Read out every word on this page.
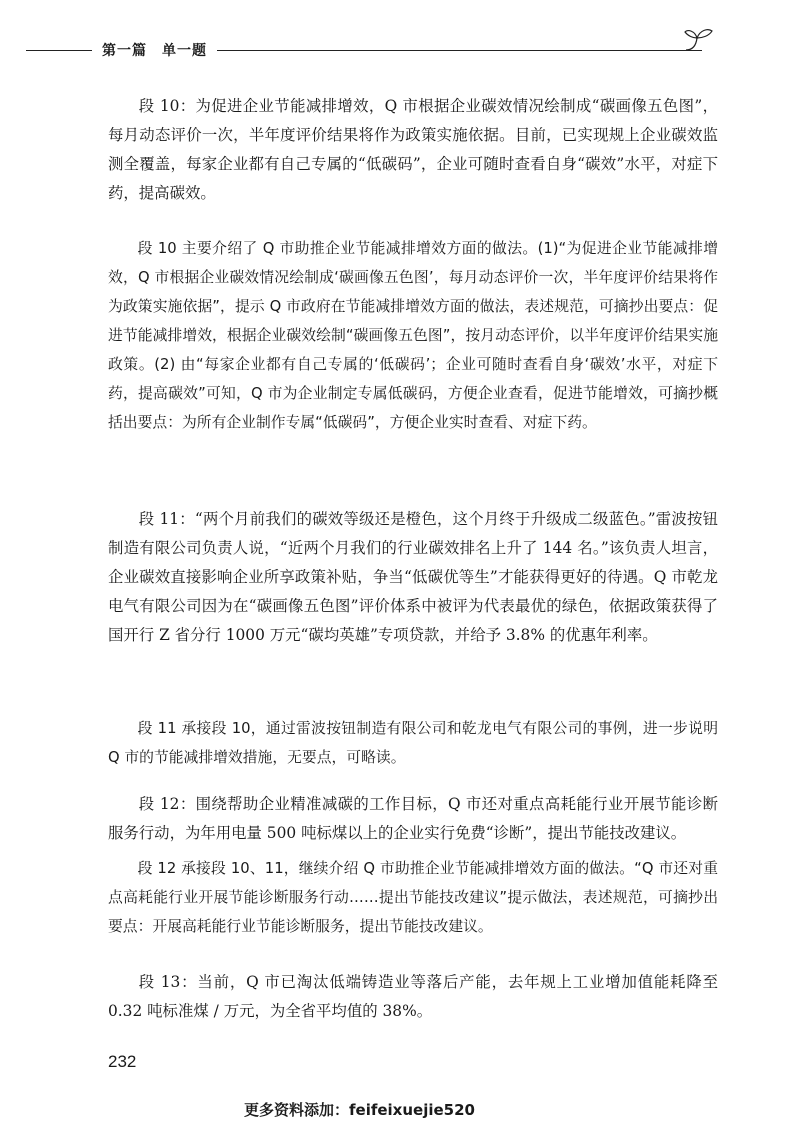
第一篇　单一题

段 10：为促进企业节能减排增效，Q 市根据企业碳效情况绘制成“碳画像五色图”，每月动态评价一次，半年度评价结果将作为政策实施依据。目前，已实现规上企业碳效监测全覆盖，每家企业都有自己专属的“低碳码”，企业可随时查看自身“碳效”水平，对症下药，提高碳效。

段 10 主要介绍了 Q 市助推企业节能减排增效方面的做法。(1)“为促进企业节能减排增效，Q 市根据企业碳效情况绘制成‘碳画像五色图’，每月动态评价一次，半年度评价结果将作为政策实施依据”，提示 Q 市政府在节能减排增效方面的做法，表述规范，可摘抄出要点：促进节能减排增效，根据企业碳效绘制“碳画像五色图”，按月动态评价，以半年度评价结果实施政策。(2) 由“每家企业都有自己专属的‘低碳码’；企业可随时查看自身‘碳效’水平，对症下药，提高碳效”可知，Q 市为企业制定专属低碳码，方便企业查看，促进节能增效，可摘抄概括出要点：为所有企业制作专属“低碳码”，方便企业实时查看、对症下药。

段 11：“两个月前我们的碳效等级还是橙色，这个月终于升级成二级蓝色。”雷波按钮制造有限公司负责人说，“近两个月我们的行业碳效排名上升了 144 名。”该负责人坦言，企业碳效直接影响企业所享政策补贴，争当“低碳优等生”才能获得更好的待遇。Q 市乾龙电气有限公司因为在“碳画像五色图”评价体系中被评为代表最优的绿色，依据政策获得了国开行 Z 省分行 1000 万元“碳均英雄”专项贷款，并给予 3.8% 的优惠年利率。

段 11 承接段 10，通过雷波按钮制造有限公司和乾龙电气有限公司的事例，进一步说明 Q 市的节能减排增效措施，无要点，可略读。

段 12：围绕帮助企业精准减碳的工作目标，Q 市还对重点高耗能行业开展节能诊断服务行动，为年用电量 500 吨标煤以上的企业实行免费“诊断”，提出节能技改建议。

段 12 承接段 10、11，继续介绍 Q 市助推企业节能减排增效方面的做法。“Q 市还对重点高耗能行业开展节能诊断服务行动……提出节能技改建议”提示做法，表述规范，可摘抄出要点：开展高耗能行业节能诊断服务，提出节能技改建议。

段 13：当前，Q 市已淘汰低端铸造业等落后产能，去年规上工业增加值能耗降至 0.32 吨标准煤 / 万元，为全省平均值的 38%。

232
更多资料添加：feifeixuejie520
